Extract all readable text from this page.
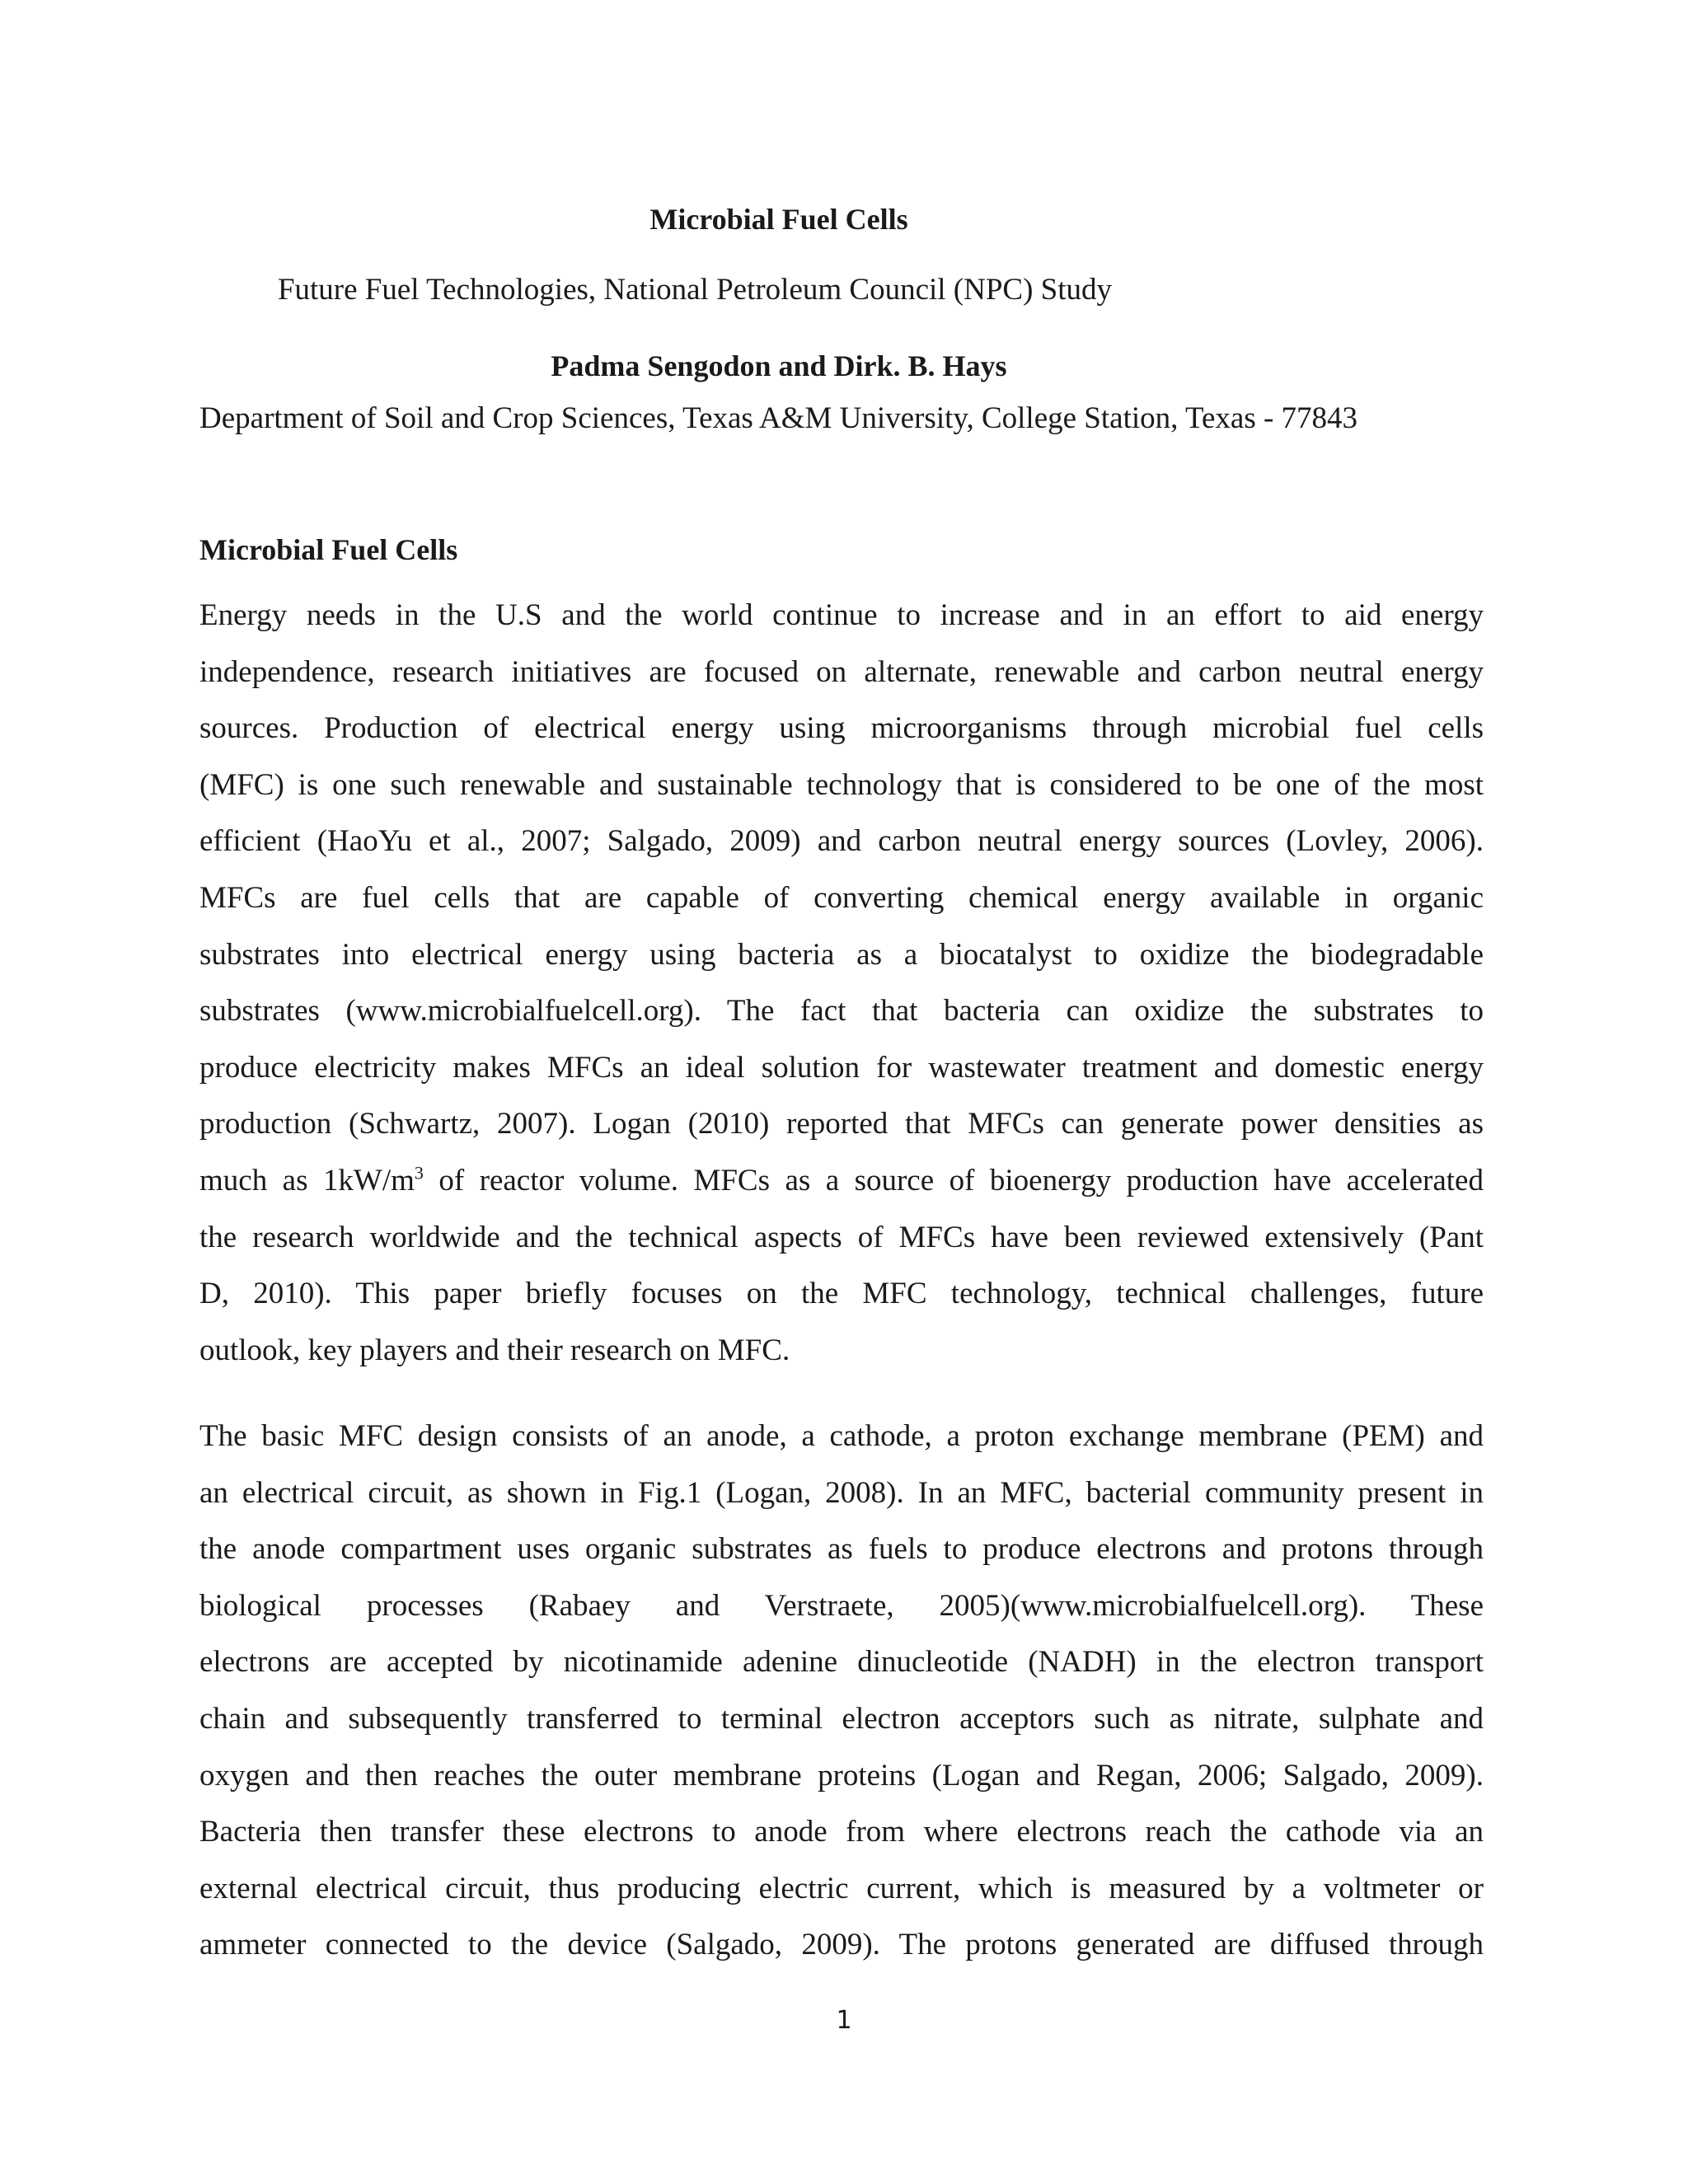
Microbial Fuel Cells
Future Fuel Technologies, National Petroleum Council (NPC) Study
Padma Sengodon and Dirk. B. Hays
Department of Soil and Crop Sciences, Texas A&M University, College Station, Texas - 77843
Microbial Fuel Cells
Energy needs in the U.S and the world continue to increase and in an effort to aid energy
independence, research initiatives are focused on alternate, renewable and carbon neutral energy
sources. Production of electrical energy using microorganisms through microbial fuel cells
(MFC) is one such renewable and sustainable technology that is considered to be one of the most
efficient (HaoYu et al., 2007; Salgado, 2009) and carbon neutral energy sources (Lovley, 2006).
MFCs are fuel cells that are capable of converting chemical energy available in organic
substrates into electrical energy using bacteria as a biocatalyst to oxidize the biodegradable
substrates (www.microbialfuelcell.org). The fact that bacteria can oxidize the substrates to
produce electricity makes MFCs an ideal solution for wastewater treatment and domestic energy
production (Schwartz, 2007). Logan (2010) reported that MFCs can generate power densities as
much as $1kW/m^3$ of reactor volume. MFCs as a source of bioenergy production have accelerated
the research worldwide and the technical aspects of MFCs have been reviewed extensively (Pant
D, 2010). This paper briefly focuses on the MFC technology, technical challenges, future
outlook, key players and their research on MFC.
The basic MFC design consists of an anode, a cathode, a proton exchange membrane (PEM) and
an electrical circuit, as shown in Fig.1 (Logan, 2008). In an MFC, bacterial community present in
the anode compartment uses organic substrates as fuels to produce electrons and protons through
biological processes (Rabaey and Verstraete, 2005)(www.microbialfuelcell.org). These
electrons are accepted by nicotinamide adenine dinucleotide (NADH) in the electron transport
chain and subsequently transferred to terminal electron acceptors such as nitrate, sulphate and
oxygen and then reaches the outer membrane proteins (Logan and Regan, 2006; Salgado, 2009).
Bacteria then transfer these electrons to anode from where electrons reach the cathode via an
external electrical circuit, thus producing electric current, which is measured by a voltmeter or
ammeter connected to the device (Salgado, 2009). The protons generated are diffused through
1
